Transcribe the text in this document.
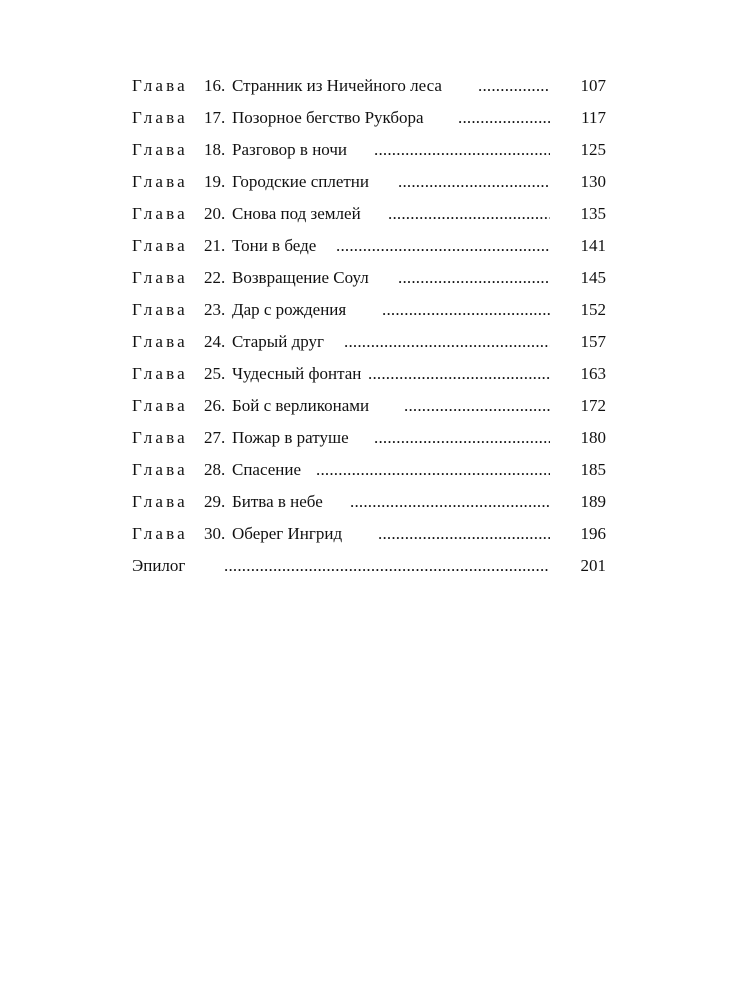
Глава 16. Странник из Ничейного леса .....	107
Глава 17. Позорное бегство Рукбора .....	117
Глава 18. Разговор в ночи .....	125
Глава 19. Городские сплетни .....	130
Глава 20. Снова под землей .....	135
Глава 21. Тони в беде .....	141
Глава 22. Возвращение Соул .....	145
Глава 23. Дар с рождения .....	152
Глава 24. Старый друг .....	157
Глава 25. Чудесный фонтан .....	163
Глава 26. Бой с верликонами .....	172
Глава 27. Пожар в ратуше .....	180
Глава 28. Спасение .....	185
Глава 29. Битва в небе .....	189
Глава 30. Оберег Ингрид .....	196
Эпилог .....	201
